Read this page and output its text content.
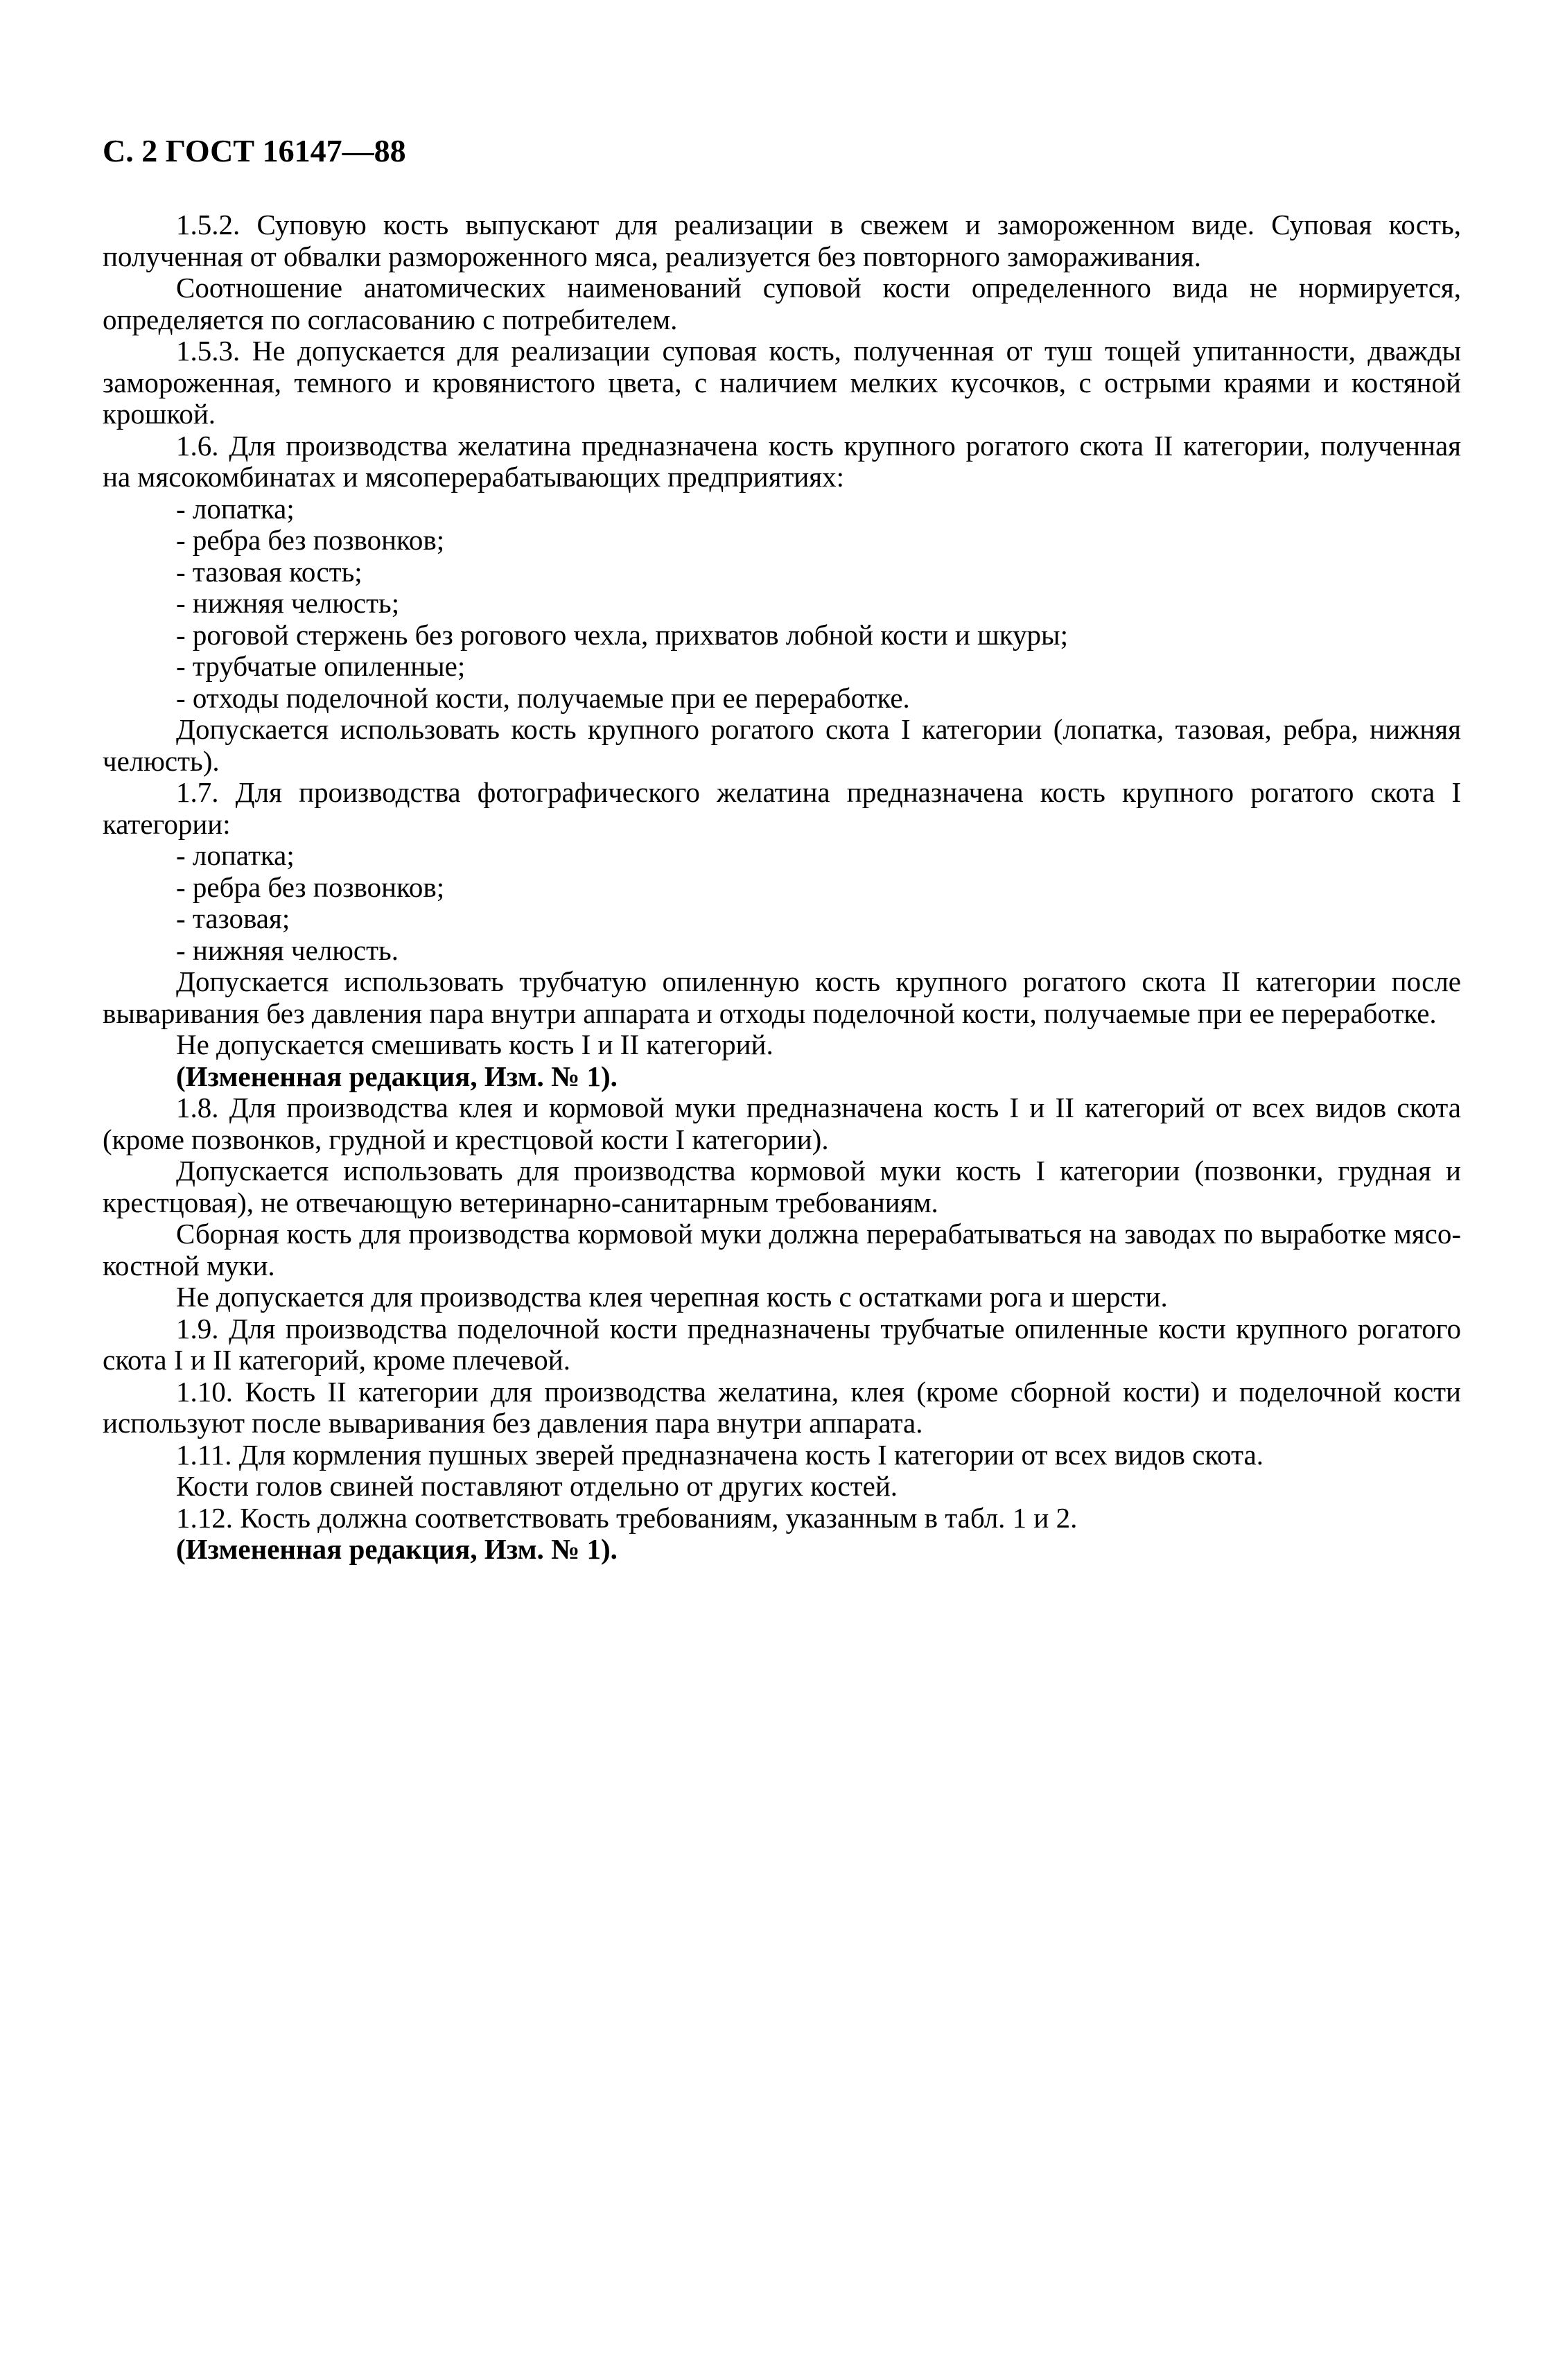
С. 2 ГОСТ 16147—88

1.5.2. Суповую кость выпускают для реализации в свежем и замороженном виде. Суповая кость, полученная от обвалки размороженного мяса, реализуется без повторного замораживания.

Соотношение анатомических наименований суповой кости определенного вида не нормируется, определяется по согласованию с потребителем.

1.5.3. Не допускается для реализации суповая кость, полученная от туш тощей упитанности, дважды замороженная, темного и кровянистого цвета, с наличием мелких кусочков, с острыми краями и костяной крошкой.

1.6. Для производства желатина предназначена кость крупного рогатого скота II категории, полученная на мясокомбинатах и мясоперерабатывающих предприятиях:

- лопатка;

- ребра без позвонков;

- тазовая кость;

- нижняя челюсть;

- роговой стержень без рогового чехла, прихватов лобной кости и шкуры;

- трубчатые опиленные;

- отходы поделочной кости, получаемые при ее переработке.

Допускается использовать кость крупного рогатого скота I категории (лопатка, тазовая, ребра, нижняя челюсть).

1.7. Для производства фотографического желатина предназначена кость крупного рогатого скота I категории:

- лопатка;

- ребра без позвонков;

- тазовая;

- нижняя челюсть.

Допускается использовать трубчатую опиленную кость крупного рогатого скота II категории после вываривания без давления пара внутри аппарата и отходы поделочной кости, получаемые при ее переработке.

Не допускается смешивать кость I и II категорий.

(Измененная редакция, Изм. № 1).

1.8. Для производства клея и кормовой муки предназначена кость I и II категорий от всех видов скота (кроме позвонков, грудной и крестцовой кости I категории).

Допускается использовать для производства кормовой муки кость I категории (позвонки, грудная и крестцовая), не отвечающую ветеринарно-санитарным требованиям.

Сборная кость для производства кормовой муки должна перерабатываться на заводах по выработке мясо-костной муки.

Не допускается для производства клея черепная кость с остатками рога и шерсти.

1.9. Для производства поделочной кости предназначены трубчатые опиленные кости крупного рогатого скота I и II категорий, кроме плечевой.

1.10. Кость II категории для производства желатина, клея (кроме сборной кости) и поделочной кости используют после вываривания без давления пара внутри аппарата.

1.11. Для кормления пушных зверей предназначена кость I категории от всех видов скота.

Кости голов свиней поставляют отдельно от других костей.

1.12. Кость должна соответствовать требованиям, указанным в табл. 1 и 2.

(Измененная редакция, Изм. № 1).
